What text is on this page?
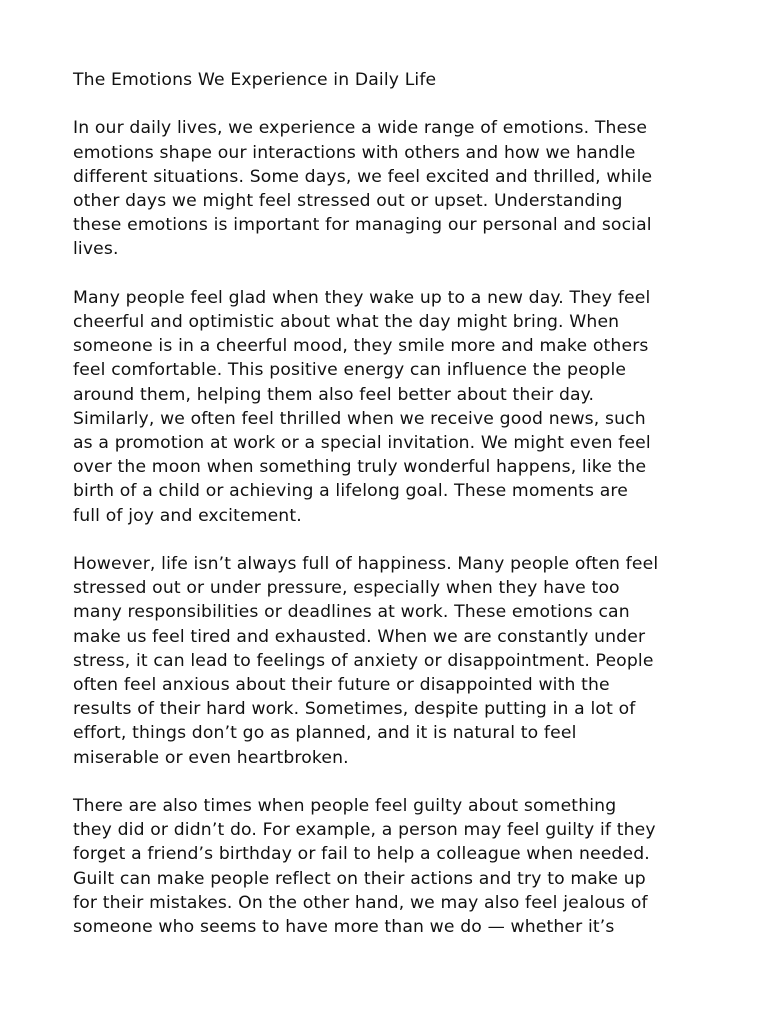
The Emotions We Experience in Daily Life
In our daily lives, we experience a wide range of emotions. These
emotions shape our interactions with others and how we handle
different situations. Some days, we feel excited and thrilled, while
other days we might feel stressed out or upset. Understanding
these emotions is important for managing our personal and social
lives.
Many people feel glad when they wake up to a new day. They feel
cheerful and optimistic about what the day might bring. When
someone is in a cheerful mood, they smile more and make others
feel comfortable. This positive energy can influence the people
around them, helping them also feel better about their day.
Similarly, we often feel thrilled when we receive good news, such
as a promotion at work or a special invitation. We might even feel
over the moon when something truly wonderful happens, like the
birth of a child or achieving a lifelong goal. These moments are
full of joy and excitement.
However, life isn’t always full of happiness. Many people often feel
stressed out or under pressure, especially when they have too
many responsibilities or deadlines at work. These emotions can
make us feel tired and exhausted. When we are constantly under
stress, it can lead to feelings of anxiety or disappointment. People
often feel anxious about their future or disappointed with the
results of their hard work. Sometimes, despite putting in a lot of
effort, things don’t go as planned, and it is natural to feel
miserable or even heartbroken.
There are also times when people feel guilty about something
they did or didn’t do. For example, a person may feel guilty if they
forget a friend’s birthday or fail to help a colleague when needed.
Guilt can make people reflect on their actions and try to make up
for their mistakes. On the other hand, we may also feel jealous of
someone who seems to have more than we do — whether it’s
